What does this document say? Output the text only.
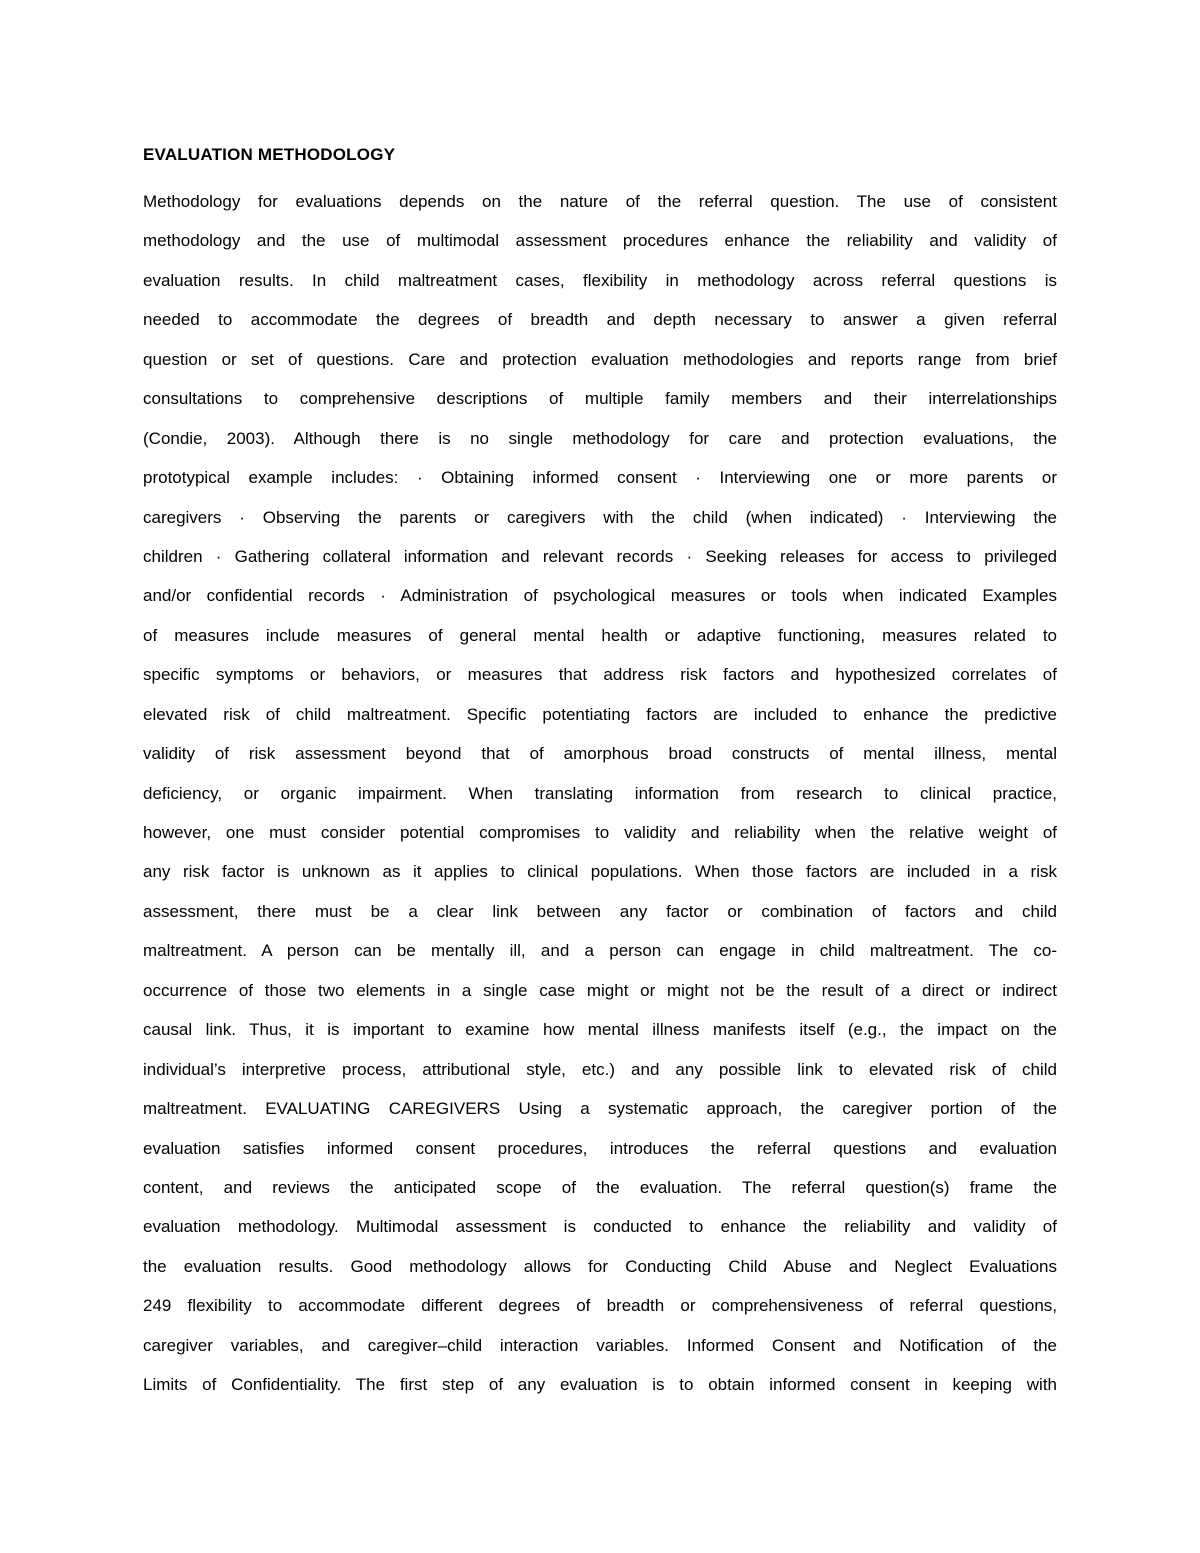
EVALUATION METHODOLOGY
Methodology for evaluations depends on the nature of the referral question. The use of consistent
methodology and the use of multimodal assessment procedures enhance the reliability and validity of
evaluation results. In child maltreatment cases, flexibility in methodology across referral questions is
needed to accommodate the degrees of breadth and depth necessary to answer a given referral
question or set of questions. Care and protection evaluation methodologies and reports range from brief
consultations to comprehensive descriptions of multiple family members and their interrelationships
(Condie, 2003). Although there is no single methodology for care and protection evaluations, the
prototypical example includes: · Obtaining informed consent · Interviewing one or more parents or
caregivers · Observing the parents or caregivers with the child (when indicated) · Interviewing the
children · Gathering collateral information and relevant records · Seeking releases for access to privileged
and/or confidential records · Administration of psychological measures or tools when indicated Examples
of measures include measures of general mental health or adaptive functioning, measures related to
specific symptoms or behaviors, or measures that address risk factors and hypothesized correlates of
elevated risk of child maltreatment. Specific potentiating factors are included to enhance the predictive
validity of risk assessment beyond that of amorphous broad constructs of mental illness, mental
deficiency, or organic impairment. When translating information from research to clinical practice,
however, one must consider potential compromises to validity and reliability when the relative weight of
any risk factor is unknown as it applies to clinical populations. When those factors are included in a risk
assessment, there must be a clear link between any factor or combination of factors and child
maltreatment. A person can be mentally ill, and a person can engage in child maltreatment. The co-
occurrence of those two elements in a single case might or might not be the result of a direct or indirect
causal link. Thus, it is important to examine how mental illness manifests itself (e.g., the impact on the
individual’s interpretive process, attributional style, etc.) and any possible link to elevated risk of child
maltreatment. EVALUATING CAREGIVERS Using a systematic approach, the caregiver portion of the
evaluation satisfies informed consent procedures, introduces the referral questions and evaluation
content, and reviews the anticipated scope of the evaluation. The referral question(s) frame the
evaluation methodology. Multimodal assessment is conducted to enhance the reliability and validity of
the evaluation results. Good methodology allows for Conducting Child Abuse and Neglect Evaluations
249 flexibility to accommodate different degrees of breadth or comprehensiveness of referral questions,
caregiver variables, and caregiver–child interaction variables. Informed Consent and Notification of the
Limits of Confidentiality. The first step of any evaluation is to obtain informed consent in keeping with
